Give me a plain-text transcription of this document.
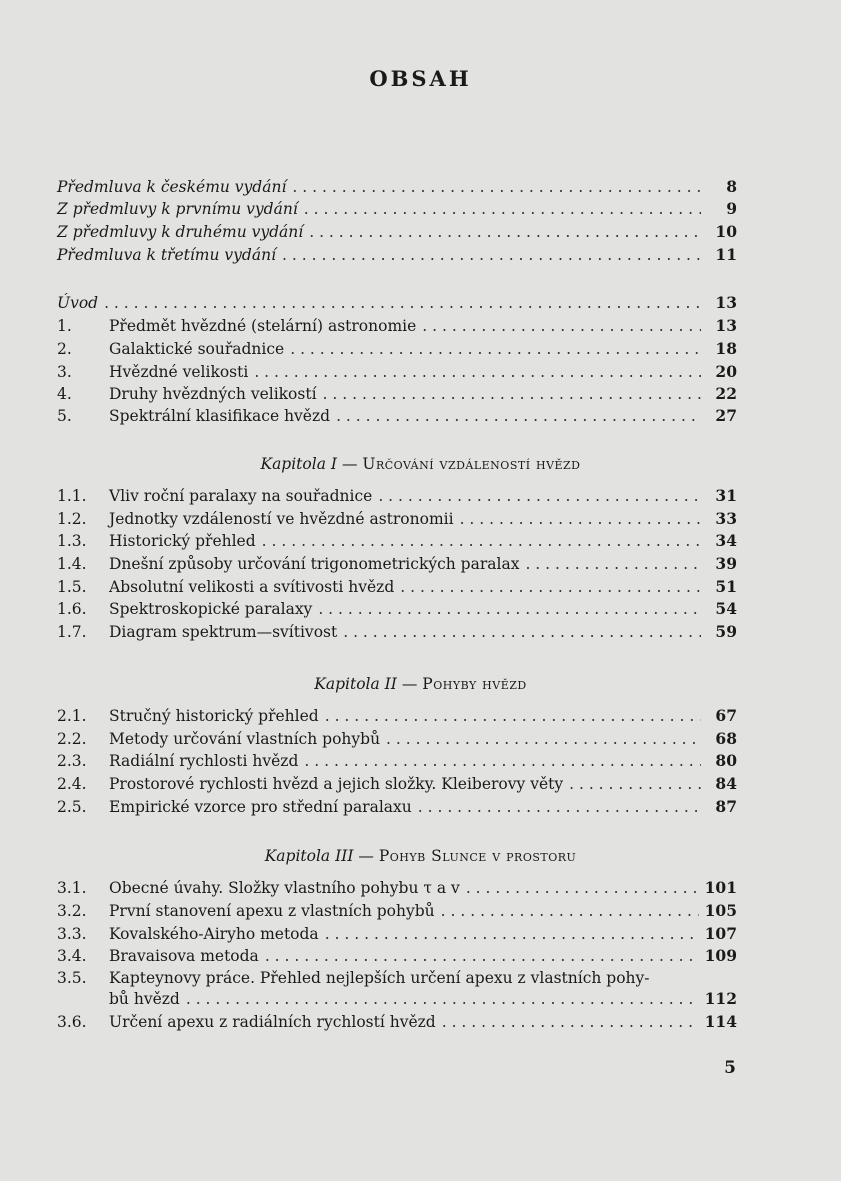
OBSAH
Předmluva k českému vydání . . .	8
Z předmluvy k prvnímu vydání . . .	9
Z předmluvy k druhému vydání . . .	10
Předmluva k třetímu vydání . . .	11
Úvod . . .	13
1.	Předmět hvězdné (stelární) astronomie . . .	13
2.	Galaktické souřadnice . . .	18
3.	Hvězdné velikosti . . .	20
4.	Druhy hvězdných velikostí . . .	22
5.	Spektrální klasifikace hvězd . . .	27
Kapitola I — Určování vzdáleností hvězd
1.1.	Vliv roční paralaxy na souřadnice . . .	31
1.2.	Jednotky vzdáleností ve hvězdné astronomii . . .	33
1.3.	Historický přehled . . .	34
1.4.	Dnešní způsoby určování trigonometrických paralax . . .	39
1.5.	Absolutní velikosti a svítivosti hvězd . . .	51
1.6.	Spektroskopické paralaxy . . .	54
1.7.	Diagram spektrum—svítivost . . .	59
Kapitola II — Pohyby hvězd
2.1.	Stručný historický přehled . . .	67
2.2.	Metody určování vlastních pohybů . . .	68
2.3.	Radiální rychlosti hvězd . . .	80
2.4.	Prostorové rychlosti hvězd a jejich složky. Kleiberovy věty . . .	84
2.5.	Empirické vzorce pro střední paralaxu . . .	87
Kapitola III — Pohyb Slunce v prostoru
3.1.	Obecné úvahy. Složky vlastního pohybu τ a v . . .	101
3.2.	První stanovení apexu z vlastních pohybů . . .	105
3.3.	Kovalského-Airyho metoda . . .	107
3.4.	Bravaisova metoda . . .	109
3.5.	Kapteynovy práce. Přehled nejlepších určení apexu z vlastních pohy-
bů hvězd . . .	112
3.6.	Určení apexu z radiálních rychlostí hvězd . . .	114
5
